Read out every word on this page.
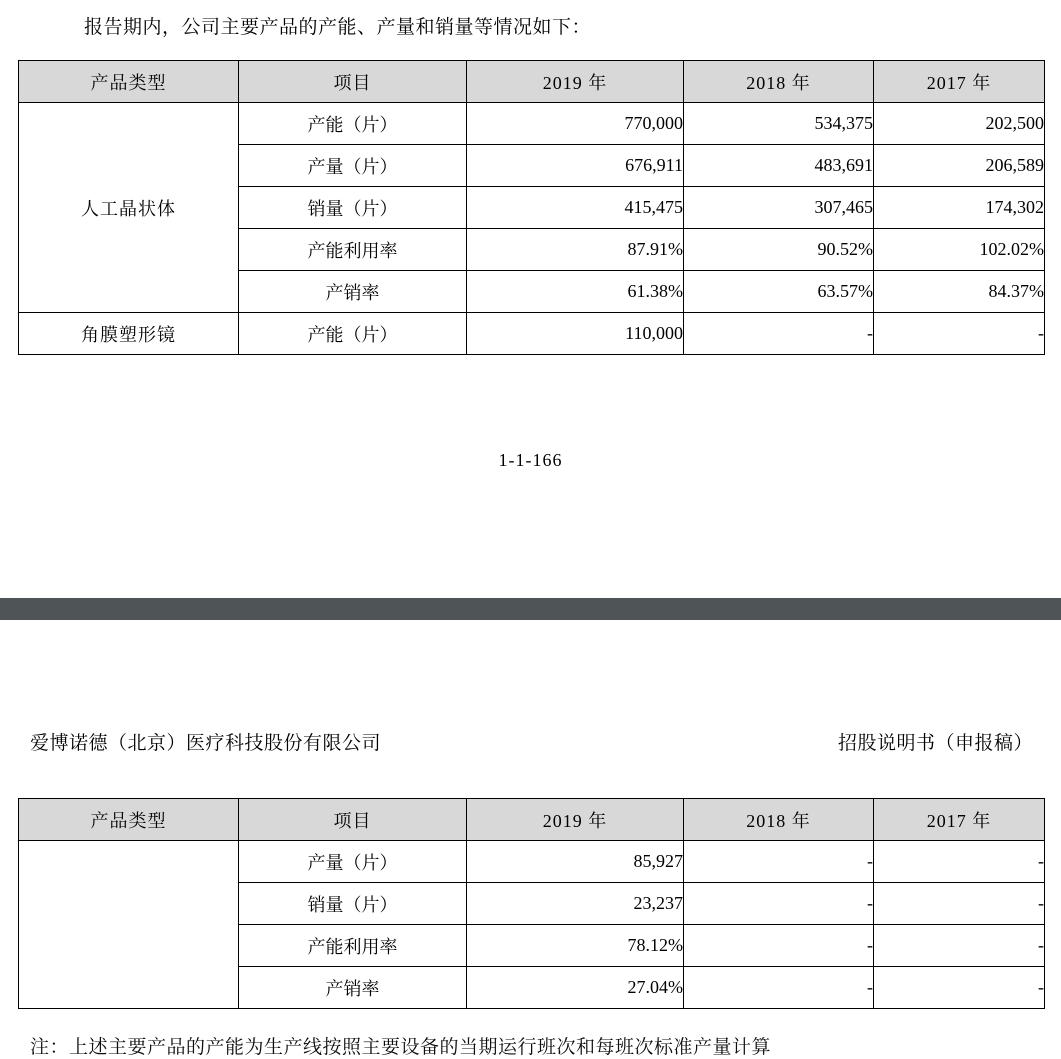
报告期内，公司主要产品的产能、产量和销量等情况如下：
产品类型	项目	2019 年	2018 年	2017 年
人工晶状体	产能（片）	770,000	534,375	202,500
	产量（片）	676,911	483,691	206,589
	销量（片）	415,475	307,465	174,302
	产能利用率	87.91%	90.52%	102.02%
	产销率	61.38%	63.57%	84.37%
角膜塑形镜	产能（片）	110,000	-	-
1-1-166
爱博诺德（北京）医疗科技股份有限公司	招股说明书（申报稿）
产品类型	项目	2019 年	2018 年	2017 年
	产量（片）	85,927	-	-
	销量（片）	23,237	-	-
	产能利用率	78.12%	-	-
	产销率	27.04%	-	-
注：上述主要产品的产能为生产线按照主要设备的当期运行班次和每班次标准产量计算
